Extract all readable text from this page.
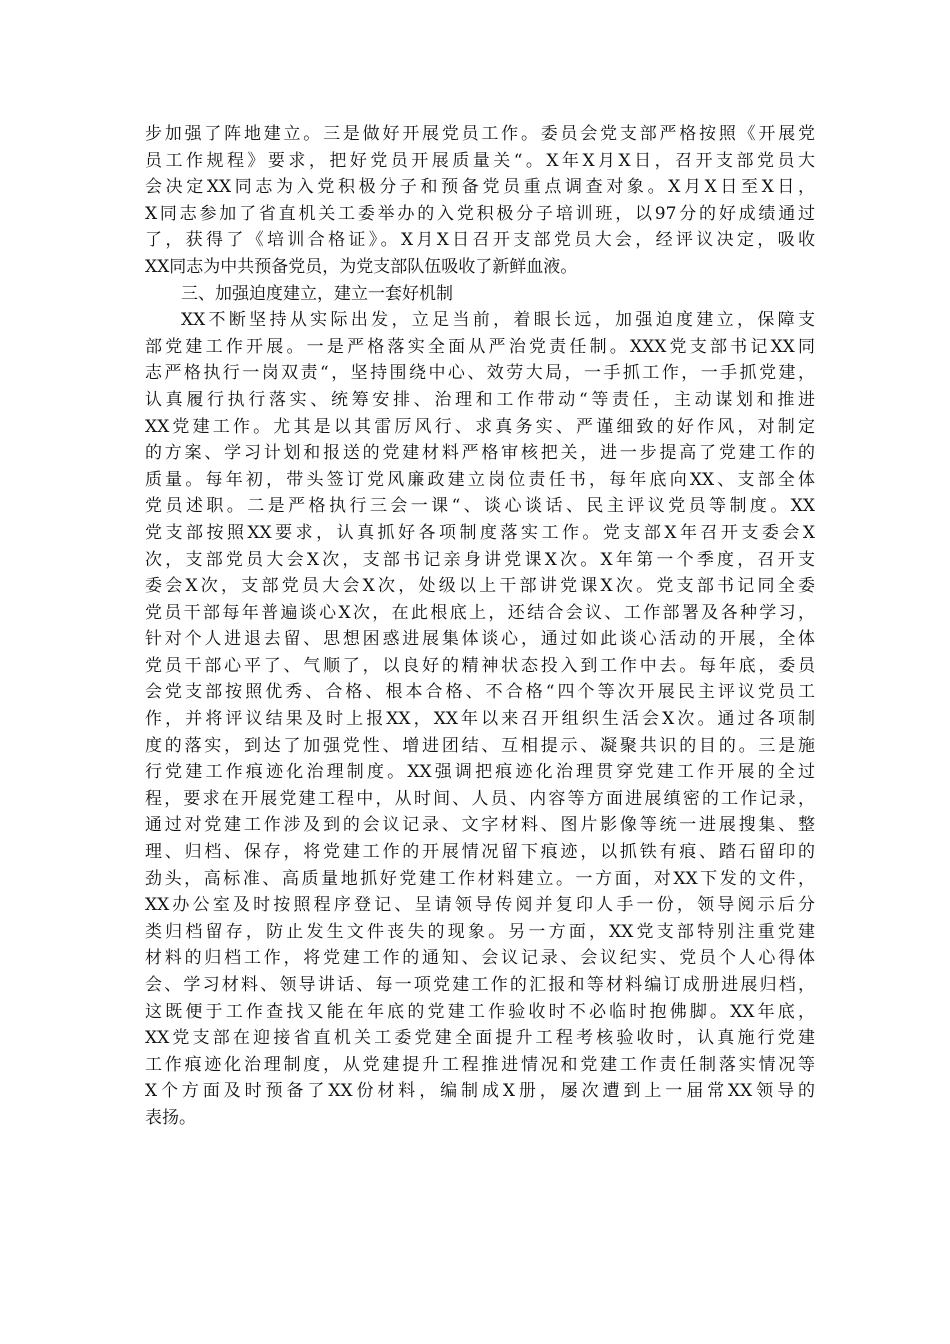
步加强了阵地建立。三是做好开展党员工作。委员会党支部严格按照《开展党
员工作规程》要求，把好党员开展质量关“。X年X月X日，召开支部党员大
会决定XX同志为入党积极分子和预备党员重点调查对象。X月X日至X日，
X同志参加了省直机关工委举办的入党积极分子培训班，以97分的好成绩通过
了，获得了《培训合格证》。X月X日召开支部党员大会，经评议决定，吸收
XX同志为中共预备党员，为党支部队伍吸收了新鲜血液。
三、加强迫度建立，建立一套好机制
XX不断坚持从实际出发，立足当前，着眼长远，加强迫度建立，保障支
部党建工作开展。一是严格落实全面从严治党责任制。XXX党支部书记XX同
志严格执行一岗双责“，坚持围绕中心、效劳大局，一手抓工作，一手抓党建，
认真履行执行落实、统筹安排、治理和工作带动“等责任，主动谋划和推进
XX党建工作。尤其是以其雷厉风行、求真务实、严谨细致的好作风，对制定
的方案、学习计划和报送的党建材料严格审核把关，进一步提高了党建工作的
质量。每年初，带头签订党风廉政建立岗位责任书，每年底向XX、支部全体
党员述职。二是严格执行三会一课“、谈心谈话、民主评议党员等制度。XX
党支部按照XX要求，认真抓好各项制度落实工作。党支部X年召开支委会X
次，支部党员大会X次，支部书记亲身讲党课X次。X年第一个季度，召开支
委会X次，支部党员大会X次，处级以上干部讲党课X次。党支部书记同全委
党员干部每年普遍谈心X次，在此根底上，还结合会议、工作部署及各种学习，
针对个人进退去留、思想困惑进展集体谈心，通过如此谈心活动的开展，全体
党员干部心平了、气顺了，以良好的精神状态投入到工作中去。每年底，委员
会党支部按照优秀、合格、根本合格、不合格“四个等次开展民主评议党员工
作，并将评议结果及时上报XX，XX年以来召开组织生活会X次。通过各项制
度的落实，到达了加强党性、增进团结、互相提示、凝聚共识的目的。三是施
行党建工作痕迹化治理制度。XX强调把痕迹化治理贯穿党建工作开展的全过
程，要求在开展党建工程中，从时间、人员、内容等方面进展缜密的工作记录，
通过对党建工作涉及到的会议记录、文字材料、图片影像等统一进展搜集、整
理、归档、保存，将党建工作的开展情况留下痕迹，以抓铁有痕、踏石留印的
劲头，高标准、高质量地抓好党建工作材料建立。一方面，对XX下发的文件，
XX办公室及时按照程序登记、呈请领导传阅并复印人手一份，领导阅示后分
类归档留存，防止发生文件丧失的现象。另一方面，XX党支部特别注重党建
材料的归档工作，将党建工作的通知、会议记录、会议纪实、党员个人心得体
会、学习材料、领导讲话、每一项党建工作的汇报和等材料编订成册进展归档，
这既便于工作查找又能在年底的党建工作验收时不必临时抱佛脚。XX年底，
XX党支部在迎接省直机关工委党建全面提升工程考核验收时，认真施行党建
工作痕迹化治理制度，从党建提升工程推进情况和党建工作责任制落实情况等
X个方面及时预备了XX份材料，编制成X册，屡次遭到上一届常XX领导的
表扬。
